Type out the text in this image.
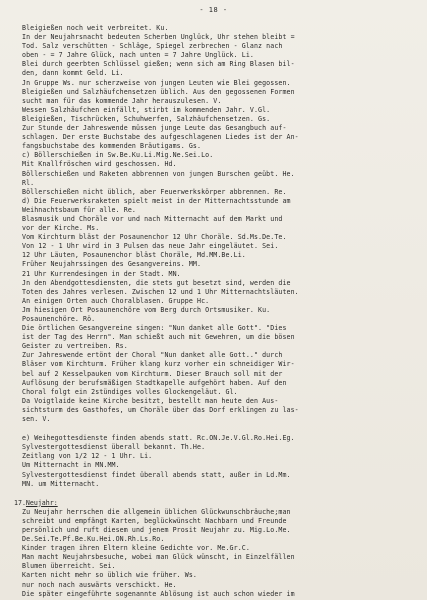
- 18 -
Bleigießen noch weit verbreitet. Ku.
In der Neujahrsnacht bedeuten Scherben Unglück, Uhr stehen bleibt =
Tod. Salz verschütten - Schläge, Spiegel zerbrechen - Glanz nach
oben - = 7 Jahre Glück, nach unten = 7 Jahre Unglück. Li.
Blei durch geerbten Schlüssel gießen; wenn sich am Ring Blasen bil-
den, dann kommt Geld. Li.
Jn Gruppe Ws. nur scherzweise von jungen Leuten wie Blei gegossen.
Bleigießen und Salzhäufchensetzen üblich. Aus den gegossenen Formen
sucht man für das kommende Jahr herauszulesen. V.
Wessen Salzhäufchen einfällt, stirbt im kommenden Jahr. V.Gl.
Bleigießen, Tischrücken, Schuhwerfen, Salzhäufchensetzen. Gs.
Zur Stunde der Jahreswende müssen junge Leute das Gesangbuch auf-
schlagen. Der erste Buchstabe des aufgeschlagenen Liedes ist der An-
fangsbuchstabe des kommenden Bräutigams. Gs.
c) Böllerschießen in Sw.Be.Ku.Li.Mig.Ne.Sei.Lo.
Mit Knallfröschen wird geschossen. Hd.
Böllerschießen und Raketen abbrennen von jungen Burschen geübt. He.
Rl.
Böllerschießen nicht üblich, aber Feuerwerkskörper abbrennen. Re.
d) Die Feuerwerksraketen spielt meist in der Mitternachtsstunde am
Weihnachtsbaum für alle. Re.
Blasmusik und Choräle vor und nach Mitternacht auf dem Markt und
vor der Kirche. Ms.
Vom Kirchturm bläst der Posaunenchor 12 Uhr Choräle. Sd.Ms.De.Te.
Von 12 - 1 Uhr wird in 3 Pulsen das neue Jahr eingeläutet. Sei.
12 Uhr Läuten, Posaunenchor bläst Choräle, Md.MM.Be.Li.
Früher Neujahrssingen des Gesangvereins. MM.
21 Uhr Kurrendesingen in der Stadt. MN.
Jn den Abendgottesdiensten, die stets gut besetzt sind, werden die
Toten des Jahres verlesen. Zwischen 12 und 1 Uhr Mitternachtsläuten.
An einigen Orten auch Choralblasen. Gruppe Hc.
Jm hiesigen Ort Posaunenchöre vom Berg durch Ortsmusiker. Ku.
Posaunenchöre. Rö.
Die örtlichen Gesangvereine singen: "Nun danket alle Gott". "Dies
ist der Tag des Herrn". Man schießt auch mit Gewehren, um die bösen
Geister zu vertreiben. Rs.
Zur Jahreswende ertönt der Choral "Nun danket alle Gott.." durch
Bläser vom Kirchturm. Früher klang kurz vorher ein schneidiger Wir-
bel auf 2 Kesselpauken vom Kirchturm. Dieser Brauch soll mit der
Auflösung der berufsmäßigen Stadtkapelle aufgehört haben. Auf den
Choral folgt ein 2stündiges volles Glockengeläut. Gl.
Da Voigtlaide keine Kirche besitzt, bestellt man heute den Aus-
sichtsturm des Gasthofes, um Choräle über das Dorf erklingen zu las-
sen. V.
e) Weihegottesdienste finden abends statt. Rc.ON.Je.V.Gl.Ro.Hei.Eg.
Sylvestergottesdienst überall bekannt. Th.He.
Zeitlang von 1/2 12 - 1 Uhr. Li.
Um Mitternacht in MN.MM.
Sylvestergottesdienst findet überall abends statt, außer in Ld.Mm.
MN. um Mitternacht.
17.Neujahr:
Zu Neujahr herrschen die allgemein üblichen Glückwunschbräuche;man
schreibt und empfängt Karten, beglückwünscht Nachbarn und Freunde
persönlich und ruft diesem und jenem Prosit Neujahr zu. Mig.Lo.Me.
De.Sei.Te.Pf.Be.Ku.Hei.ON.Rh.Ls.Ro.
Kinder tragen ihren Eltern kleine Gedichte vor. Me.Gr.C.
Man macht Neujahrsbesuche, wobei man Glück wünscht, in Einzelfällen
Blumen überreicht. Sei.
Karten nicht mehr so üblich wie früher. Ws.
nur noch nach auswärts verschickt. He.
Die später eingeführte sogenannte Ablösung ist auch schon wieder im
